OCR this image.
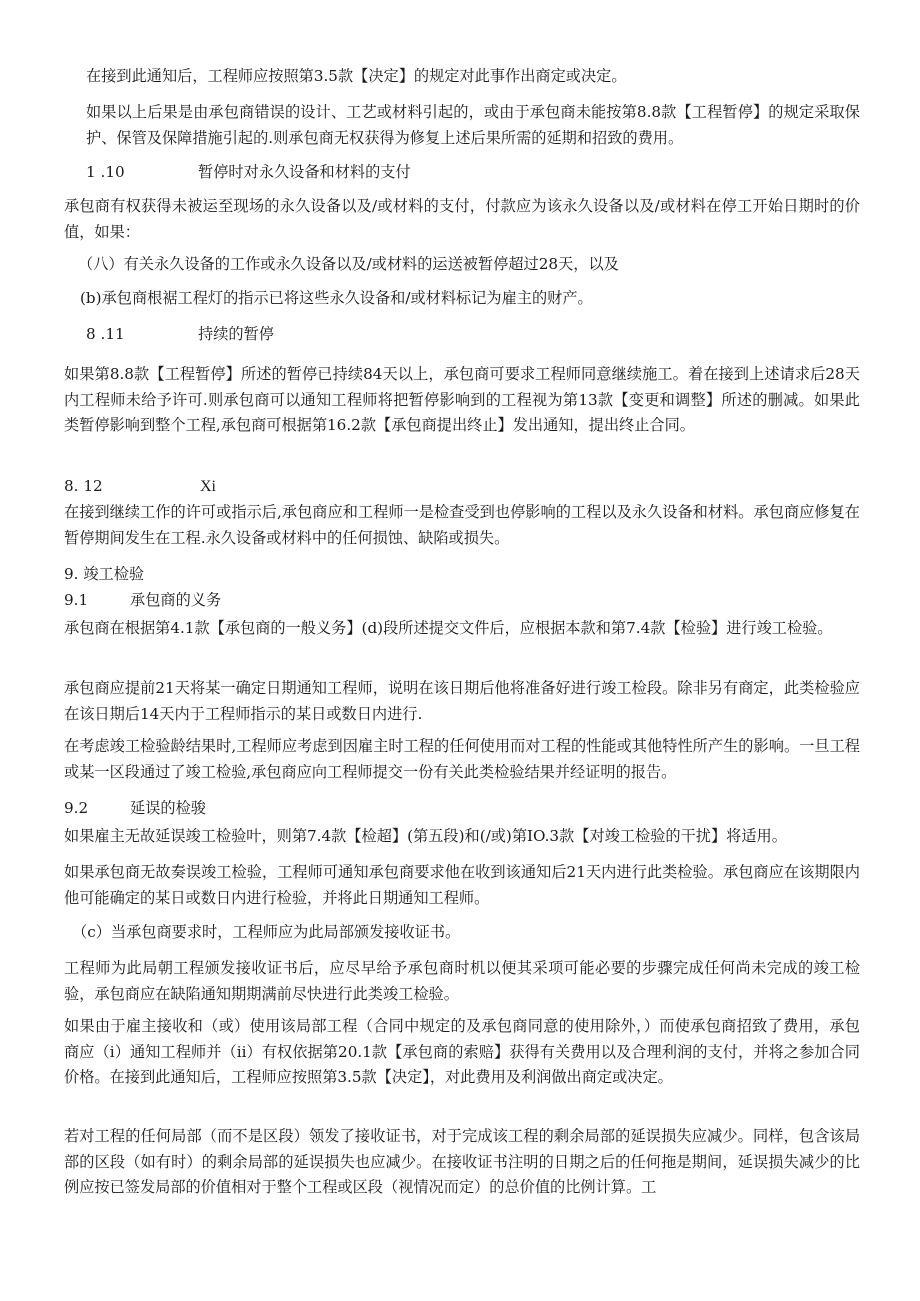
在接到此通知后，工程师应按照第3.5款【决定】的规定对此事作出商定或决定。

如果以上后果是由承包商错误的设计、工艺或材料引起的，或由于承包商未能按第8.8款【工程暂停】的规定采取保护、保管及保障措施引起的.则承包商无权获得为修复上述后果所需的延期和招致的费用。

1 .10	暂停时对永久设备和材料的支付

承包商有权获得未被运至现场的永久设备以及/或材料的支付，付款应为该永久设备以及/或材料在停工开始日期时的价值，如果：

（八）有关永久设备的工作或永久设备以及/或材料的运送被暂停超过28天，以及

(b)承包商根裾工程灯的指示已将这些永久设备和/或材料标记为雇主的财产。

8 .11	持续的暂停

如果第8.8款【工程暂停】所述的暂停已持续84天以上，承包商可要求工程师同意继续施工。着在接到上述请求后28天内工程师未给予许可.则承包商可以通知工程师将把暂停影响到的工程视为第13款【变更和调整】所述的删减。如果此类暂停影响到整个工程,承包商可根据第16.2款【承包商提出终止】发出通知，提出终止合同。

8. 12	Xi

在接到继续工作的许可或指示后,承包商应和工程师一是检查受到也停影响的工程以及永久设备和材料。承包商应修复在暂停期间发生在工程.永久设备或材料中的任何损蚀、缺陷或损失。

9. 竣工检验
9.1	承包商的义务

承包商在根据第4.1款【承包商的一般义务】(d)段所述提交文件后，应根据本款和第7.4款【检验】进行竣工检验。

承包商应提前21天将某一确定日期通知工程师，说明在该日期后他将准备好进行竣工检段。除非另有商定，此类检验应在该日期后14天内于工程师指示的某日或数日内进行.

在考虑竣工检验龄结果时,工程师应考虑到因雇主时工程的任何使用而对工程的性能或其他特性所产生的影响。一旦工程或某一区段通过了竣工检验,承包商应向工程师提交一份有关此类检验结果并经证明的报告。

9.2	延误的检骏

如果雇主无故延误竣工检验叶，则第7.4款【检超】(第五段)和(/或)第IO.3款【对竣工检验的干扰】将适用。

如果承包商无故奏误竣工检验，工程师可通知承包商要求他在收到该通知后21天内进行此类检验。承包商应在该期限内他可能确定的某日或数日内进行检验，并将此日期通知工程师。

（c）当承包商要求时，工程师应为此局部颁发接收证书。

工程师为此局朝工程颁发接收证书后，应尽早给予承包商时机以便其采项可能必要的步骤完成任何尚未完成的竣工检验，承包商应在缺陷通知期期满前尽快进行此类竣工检验。

如果由于雇主接收和（或）使用该局部工程（合同中规定的及承包商同意的使用除外，）而使承包商招致了费用，承包商应（i）通知工程师并（ii）有权依据第20.1款【承包商的索赔】获得有关费用以及合理利润的支付，并将之参加合同价格。在接到此通知后，工程师应按照第3.5款【决定】，对此费用及利润做出商定或决定。

若对工程的任何局部（而不是区段）领发了接收证书，对于完成该工程的剩余局部的延误损失应减少。同样，包含该局部的区段（如有时）的剩余局部的延误损失也应减少。在接收证书注明的日期之后的任何拖是期间，延误损失减少的比例应按已签发局部的价值相对于整个工程或区段（视情况而定）的总价值的比例计算。工
